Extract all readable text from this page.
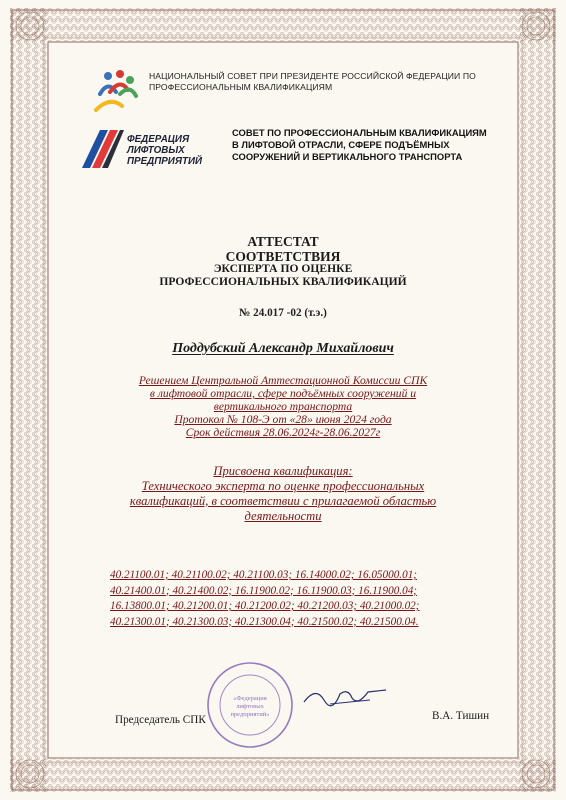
НАЦИОНАЛЬНЫЙ СОВЕТ ПРИ ПРЕЗИДЕНТЕ РОССИЙСКОЙ ФЕДЕРАЦИИ ПО
ПРОФЕССИОНАЛЬНЫМ КВАЛИФИКАЦИЯМ
ФЕДЕРАЦИЯ
ЛИФТОВЫХ
ПРЕДПРИЯТИЙ
СОВЕТ ПО ПРОФЕССИОНАЛЬНЫМ КВАЛИФИКАЦИЯМ
В ЛИФТОВОЙ ОТРАСЛИ, СФЕРЕ ПОДЪЁМНЫХ
СООРУЖЕНИЙ И ВЕРТИКАЛЬНОГО ТРАНСПОРТА
АТТЕСТАТ
СООТВЕТСТВИЯ
ЭКСПЕРТА ПО ОЦЕНКЕ
ПРОФЕССИОНАЛЬНЫХ КВАЛИФИКАЦИЙ
№ 24.017 -02 (т.э.)
Поддубский Александр Михайлович
Решением Центральной Аттестационной Комиссии СПК
в лифтовой отрасли, сфере подъёмных сооружений и
вертикального транспорта
Протокол № 108-Э от «28» июня 2024 года
Срок действия 28.06.2024г-28.06.2027г
Присвоена квалификация:
Технического эксперта по оценке профессиональных
квалификаций, в соответствии с прилагаемой областью
деятельности
40.21100.01; 40.21100.02; 40.21100.03; 16.14000.02; 16.05000.01;
40.21400.01; 40.21400.02; 16.11900.02; 16.11900.03; 16.11900.04;
16.13800.01; 40.21200.01; 40.21200.02; 40.21200.03; 40.21000.02;
40.21300.01; 40.21300.03; 40.21300.04; 40.21500.02; 40.21500.04.
«Федерация
лифтовых
предприятий»
Председатель СПК	В.А. Тишин
